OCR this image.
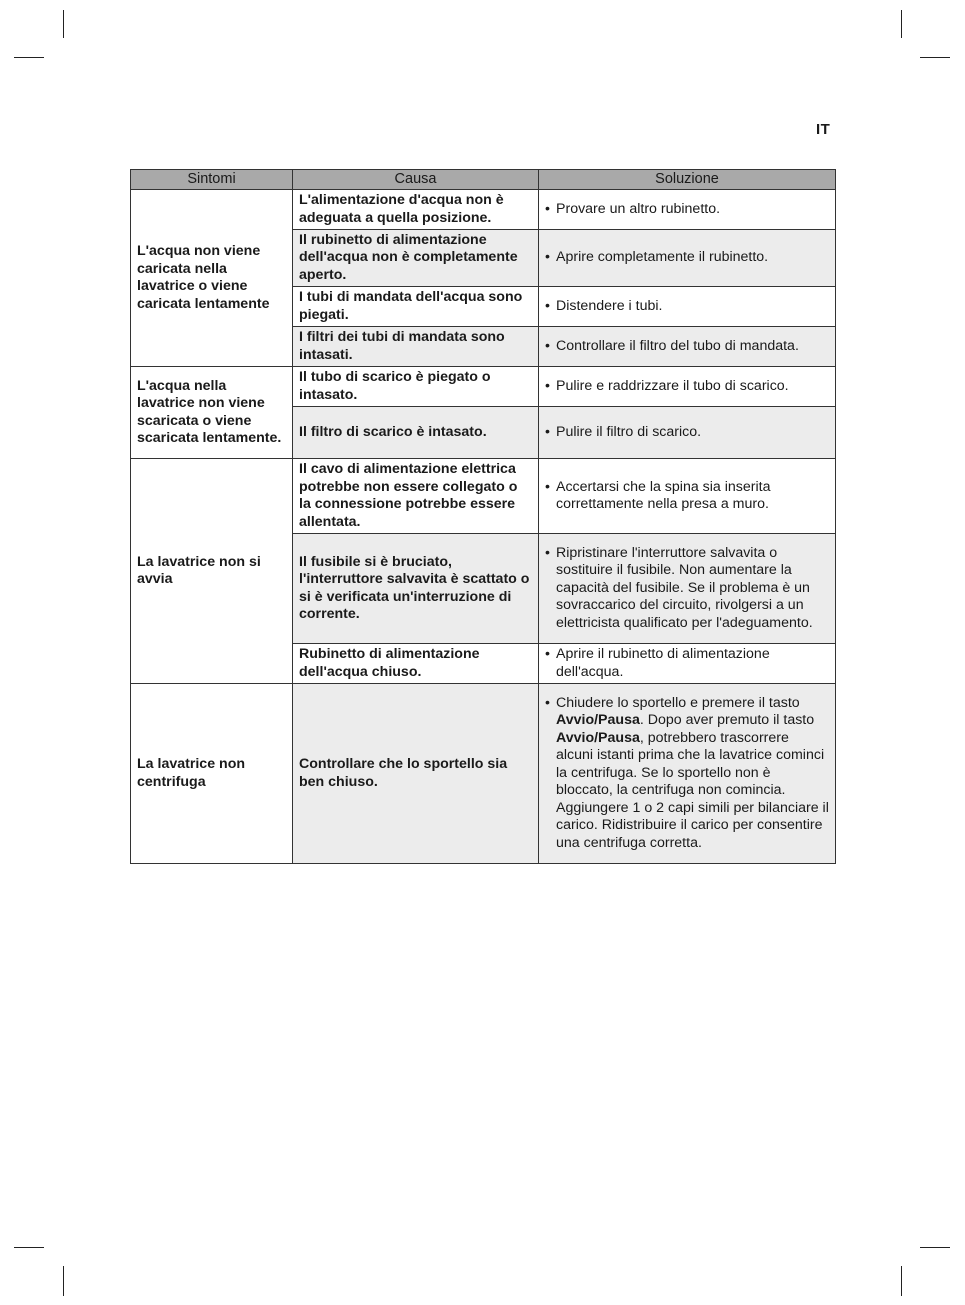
IT
Sintomi	Causa	Soluzione
L'acqua non viene caricata nella lavatrice o viene caricata lentamente	L'alimentazione d'acqua non è adeguata a quella posizione.	• Provare un altro rubinetto.

	Il rubinetto di alimentazione dell'acqua non è completamente aperto.	• Aprire completamente il rubinetto.

	I tubi di mandata dell'acqua sono piegati.	• Distendere i tubi.

	I filtri dei tubi di mandata sono intasati.	• Controllare il filtro del tubo di mandata.

L'acqua nella lavatrice non viene scaricata o viene scaricata lentamente.	Il tubo di scarico è piegato o intasato.	• Pulire e raddrizzare il tubo di scarico.

	Il filtro di scarico è intasato.	• Pulire il filtro di scarico.

La lavatrice non si avvia	Il cavo di alimentazione elettrica potrebbe non essere collegato o la connessione potrebbe essere allentata.	• Accertarsi che la spina sia inserita correttamente nella presa a muro.

	Il fusibile si è bruciato, l'interruttore salvavita è scattato o si è verificata un'interruzione di corrente.	• Ripristinare l'interruttore salvavita o sostituire il fusibile. Non aumentare la capacità del fusibile. Se il problema è un sovraccarico del circuito, rivolgersi a un elettricista qualificato per l'adeguamento.

	Rubinetto di alimentazione dell'acqua chiuso.	• Aprire il rubinetto di alimentazione dell'acqua.

La lavatrice non centrifuga	Controllare che lo sportello sia ben chiuso.	• Chiudere lo sportello e premere il tasto Avvio/Pausa. Dopo aver premuto il tasto Avvio/Pausa, potrebbero trascorrere alcuni istanti prima che la lavatrice cominci la centrifuga. Se lo sportello non è bloccato, la centrifuga non comincia. Aggiungere 1 o 2 capi simili per bilanciare il carico. Ridistribuire il carico per consentire una centrifuga corretta.
